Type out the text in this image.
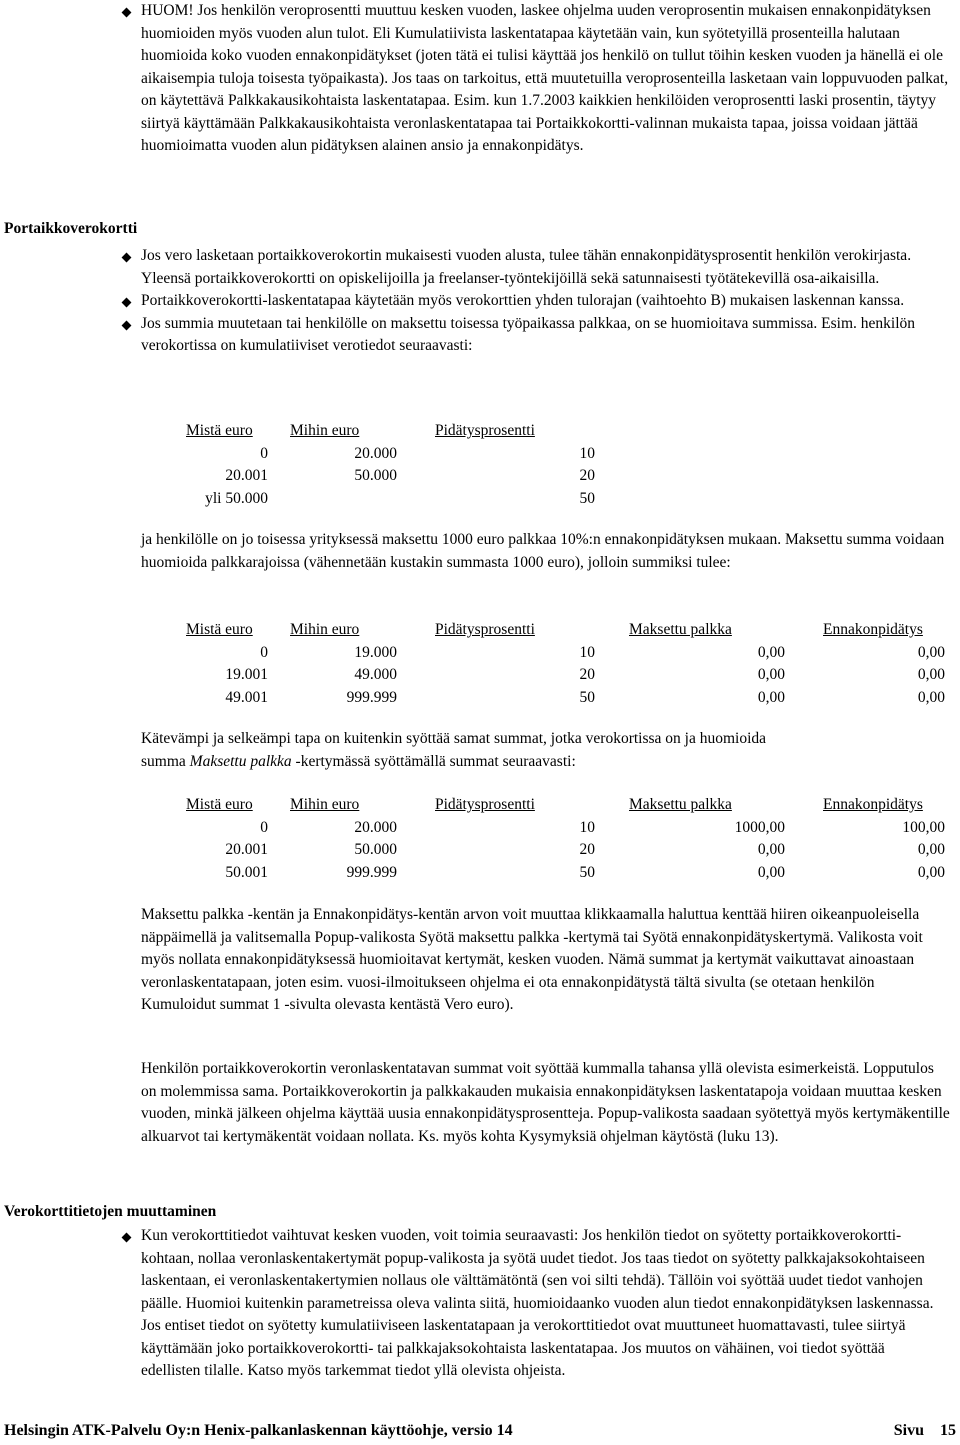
HUOM! Jos henkilön veroprosentti muuttuu kesken vuoden, laskee ohjelma uuden veroprosentin mukaisen ennakonpidätyksen huomioiden myös vuoden alun tulot. Eli Kumulatiivista laskentatapaa käytetään vain, kun syötetyillä prosenteilla halutaan huomioida koko vuoden ennakonpidätykset (joten tätä ei tulisi käyttää jos henkilö on tullut töihin kesken vuoden ja hänellä ei ole aikaisempia tuloja toisesta työpaikasta). Jos taas on tarkoitus, että muutetuilla veroprosenteilla lasketaan vain loppuvuoden palkat, on käytettävä Palkkakausikohtaista laskentatapaa. Esim. kun 1.7.2003 kaikkien henkilöiden veroprosentti laski prosentin, täytyy siirtyä käyttämään Palkkakausikohtaista veronlaskentatapaa tai Portaikkokortti-valinnan mukaista tapaa, joissa voidaan jättää huomioimatta vuoden alun pidätyksen alainen ansio ja ennakonpidätys.
Portaikkoverokortti
Jos vero lasketaan portaikkoverokortin mukaisesti vuoden alusta, tulee tähän ennakonpidätysprosentit henkilön verokirjasta. Yleensä portaikkoverokortti on opiskelijoilla ja freelanser-työntekijöillä sekä satunnaisesti työtätekevillä osa-aikaisilla.
Portaikkoverokortti-laskentatapaa käytetään myös verokorttien yhden tulorajan (vaihtoehto B) mukaisen laskennan kanssa.
Jos summia muutetaan tai henkilölle on maksettu toisessa työpaikassa palkkaa, on se huomioitava summissa. Esim. henkilön verokortissa on kumulatiiviset verotiedot seuraavasti:
Mistä euro	Mihin euro	Pidätysprosentti
0	20.000	10
20.001	50.000	20
yli 50.000		50

ja henkilölle on jo toisessa yrityksessä maksettu 1000 euro palkkaa 10%:n ennakonpidätyksen mukaan. Maksettu summa voidaan huomioida palkkarajoissa (vähennetään kustakin summasta 1000 euro), jolloin summiksi tulee:

Mistä euro	Mihin euro	Pidätysprosentti	Maksettu palkka	Ennakonpidätys
0	19.000	10	0,00	0,00
19.001	49.000	20	0,00	0,00
49.001	999.999	50	0,00	0,00

Kätevämpi ja selkeämpi tapa on kuitenkin syöttää samat summat, jotka verokortissa on ja huomioida
summa Maksettu palkka -kertymässä syöttämällä summat seuraavasti:

Mistä euro	Mihin euro	Pidätysprosentti	Maksettu palkka	Ennakonpidätys
0	20.000	10	1000,00	100,00
20.001	50.000	20	0,00	0,00
50.001	999.999	50	0,00	0,00

Maksettu palkka -kentän ja Ennakonpidätys-kentän arvon voit muuttaa klikkaamalla haluttua kenttää hiiren oikeanpuoleisella näppäimellä ja valitsemalla Popup-valikosta Syötä maksettu palkka -kertymä tai Syötä ennakonpidätyskertymä. Valikosta voit myös nollata ennakonpidätyksessä huomioitavat kertymät, kesken vuoden. Nämä summat ja kertymät vaikuttavat ainoastaan veronlaskentatapaan, joten esim. vuosi-ilmoitukseen ohjelma ei ota ennakonpidätystä tältä sivulta (se otetaan henkilön Kumuloidut summat 1 -sivulta olevasta kentästä Vero euro).

Henkilön portaikkoverokortin veronlaskentatavan summat voit syöttää kummalla tahansa yllä olevista esimerkeistä. Lopputulos on molemmissa sama. Portaikkoverokortin ja palkkakauden mukaisia ennakonpidätyksen laskentatapoja voidaan muuttaa kesken vuoden, minkä jälkeen ohjelma käyttää uusia ennakonpidätysprosentteja. Popup-valikosta saadaan syötettyä myös kertymäkentille alkuarvot tai kertymäkentät voidaan nollata. Ks. myös kohta Kysymyksiä ohjelman käytöstä (luku 13).

Verokorttitietojen muuttaminen
Kun verokorttitiedot vaihtuvat kesken vuoden, voit toimia seuraavasti: Jos henkilön tiedot on syötetty portaikkoverokortti-kohtaan, nollaa veronlaskentakertymät popup-valikosta ja syötä uudet tiedot. Jos taas tiedot on syötetty palkkajaksokohtaiseen laskentaan, ei veronlaskentakertymien nollaus ole välttämätöntä (sen voi silti tehdä). Tällöin voi syöttää uudet tiedot vanhojen päälle. Huomioi kuitenkin parametreissa oleva valinta siitä, huomioidaanko vuoden alun tiedot ennakonpidätyksen laskennassa. Jos entiset tiedot on syötetty kumulatiiviseen laskentatapaan ja verokorttitiedot ovat muuttuneet huomattavasti, tulee siirtyä käyttämään joko portaikkoverokortti- tai palkkajaksokohtaista laskentatapaa. Jos muutos on vähäinen, voi tiedot syöttää edellisten tilalle. Katso myös tarkemmat tiedot yllä olevista ohjeista.
Helsingin ATK-Palvelu Oy:n Henix-palkanlaskennan käyttöohje, versio 14	Sivu    15
